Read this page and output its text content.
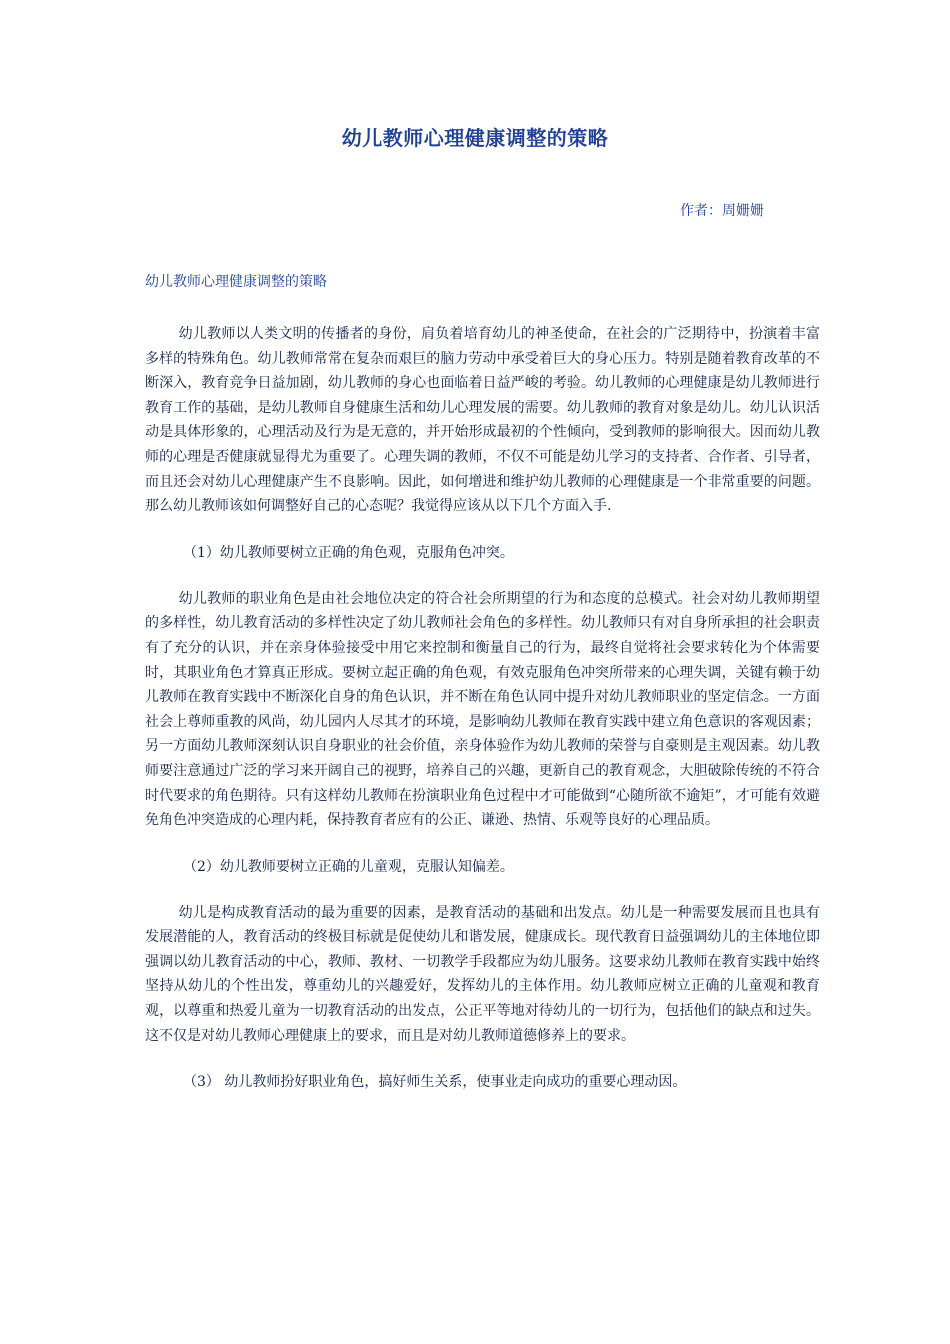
幼儿教师心理健康调整的策略
作者：周姗姗

幼儿教师心理健康调整的策略

幼儿教师以人类文明的传播者的身份，肩负着培育幼儿的神圣使命，在社会的广泛期待中，扮演着丰富多样的特殊角色。幼儿教师常常在复杂而艰巨的脑力劳动中承受着巨大的身心压力。特别是随着教育改革的不断深入，教育竞争日益加剧，幼儿教师的身心也面临着日益严峻的考验。幼儿教师的心理健康是幼儿教师进行教育工作的基础，是幼儿教师自身健康生活和幼儿心理发展的需要。幼儿教师的教育对象是幼儿。幼儿认识活动是具体形象的，心理活动及行为是无意的，并开始形成最初的个性倾向，受到教师的影响很大。因而幼儿教师的心理是否健康就显得尤为重要了。心理失调的教师，不仅不可能是幼儿学习的支持者、合作者、引导者，而且还会对幼儿心理健康产生不良影响。因此，如何增进和维护幼儿教师的心理健康是一个非常重要的问题。那么幼儿教师该如何调整好自己的心态呢？我觉得应该从以下几个方面入手.

（1）幼儿教师要树立正确的角色观，克服角色冲突。

幼儿教师的职业角色是由社会地位决定的符合社会所期望的行为和态度的总模式。社会对幼儿教师期望的多样性，幼儿教育活动的多样性决定了幼儿教师社会角色的多样性。幼儿教师只有对自身所承担的社会职责有了充分的认识，并在亲身体验接受中用它来控制和衡量自己的行为，最终自觉将社会要求转化为个体需要时，其职业角色才算真正形成。要树立起正确的角色观，有效克服角色冲突所带来的心理失调，关键有赖于幼儿教师在教育实践中不断深化自身的角色认识，并不断在角色认同中提升对幼儿教师职业的坚定信念。一方面社会上尊师重教的风尚，幼儿园内人尽其才的环境，是影响幼儿教师在教育实践中建立角色意识的客观因素；另一方面幼儿教师深刻认识自身职业的社会价值，亲身体验作为幼儿教师的荣誉与自豪则是主观因素。幼儿教师要注意通过广泛的学习来开阔自己的视野，培养自己的兴趣，更新自己的教育观念，大胆破除传统的不符合时代要求的角色期待。只有这样幼儿教师在扮演职业角色过程中才可能做到“心随所欲不逾矩”，才可能有效避免角色冲突造成的心理内耗，保持教育者应有的公正、谦逊、热情、乐观等良好的心理品质。

（2）幼儿教师要树立正确的儿童观，克服认知偏差。

幼儿是构成教育活动的最为重要的因素，是教育活动的基础和出发点。幼儿是一种需要发展而且也具有发展潜能的人，教育活动的终极目标就是促使幼儿和谐发展，健康成长。现代教育日益强调幼儿的主体地位即强调以幼儿教育活动的中心，教师、教材、一切教学手段都应为幼儿服务。这要求幼儿教师在教育实践中始终坚持从幼儿的个性出发，尊重幼儿的兴趣爱好，发挥幼儿的主体作用。幼儿教师应树立正确的儿童观和教育观，以尊重和热爱儿童为一切教育活动的出发点，公正平等地对待幼儿的一切行为，包括他们的缺点和过失。这不仅是对幼儿教师心理健康上的要求，而且是对幼儿教师道德修养上的要求。

（3） 幼儿教师扮好职业角色，搞好师生关系，使事业走向成功的重要心理动因。
